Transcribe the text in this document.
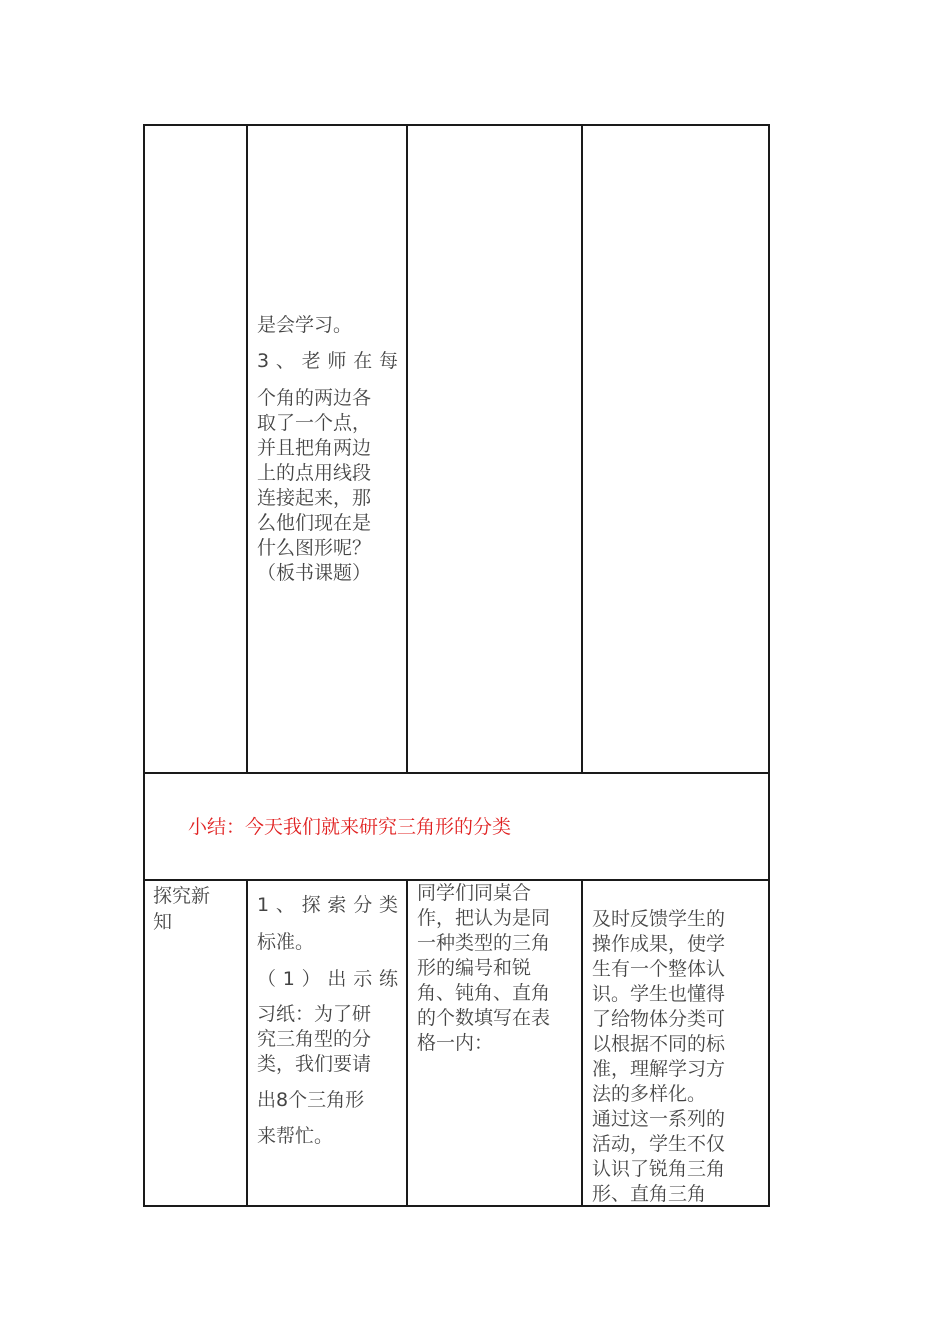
是会学习。

3、老师在每

个角的两边各
取了一个点，
并且把角两边
上的点用线段
连接起来，那
么他们现在是
什么图形呢？
（板书课题）

小结：今天我们就来研究三角形的分类
探究新
知

1、探索分类

标准。

（1）出示练

习纸：为了研
究三角型的分
类，我们要请

出8个三角形

来帮忙。

同学们同桌合
作，把认为是同
一种类型的三角
形的编号和锐
角、钝角、直角
的个数填写在表
格一内：
及时反馈学生的
操作成果，使学
生有一个整体认
识。学生也懂得
了给物体分类可
以根据不同的标
准，理解学习方
法的多样化。
通过这一系列的
活动，学生不仅
认识了锐角三角
形、直角三角
